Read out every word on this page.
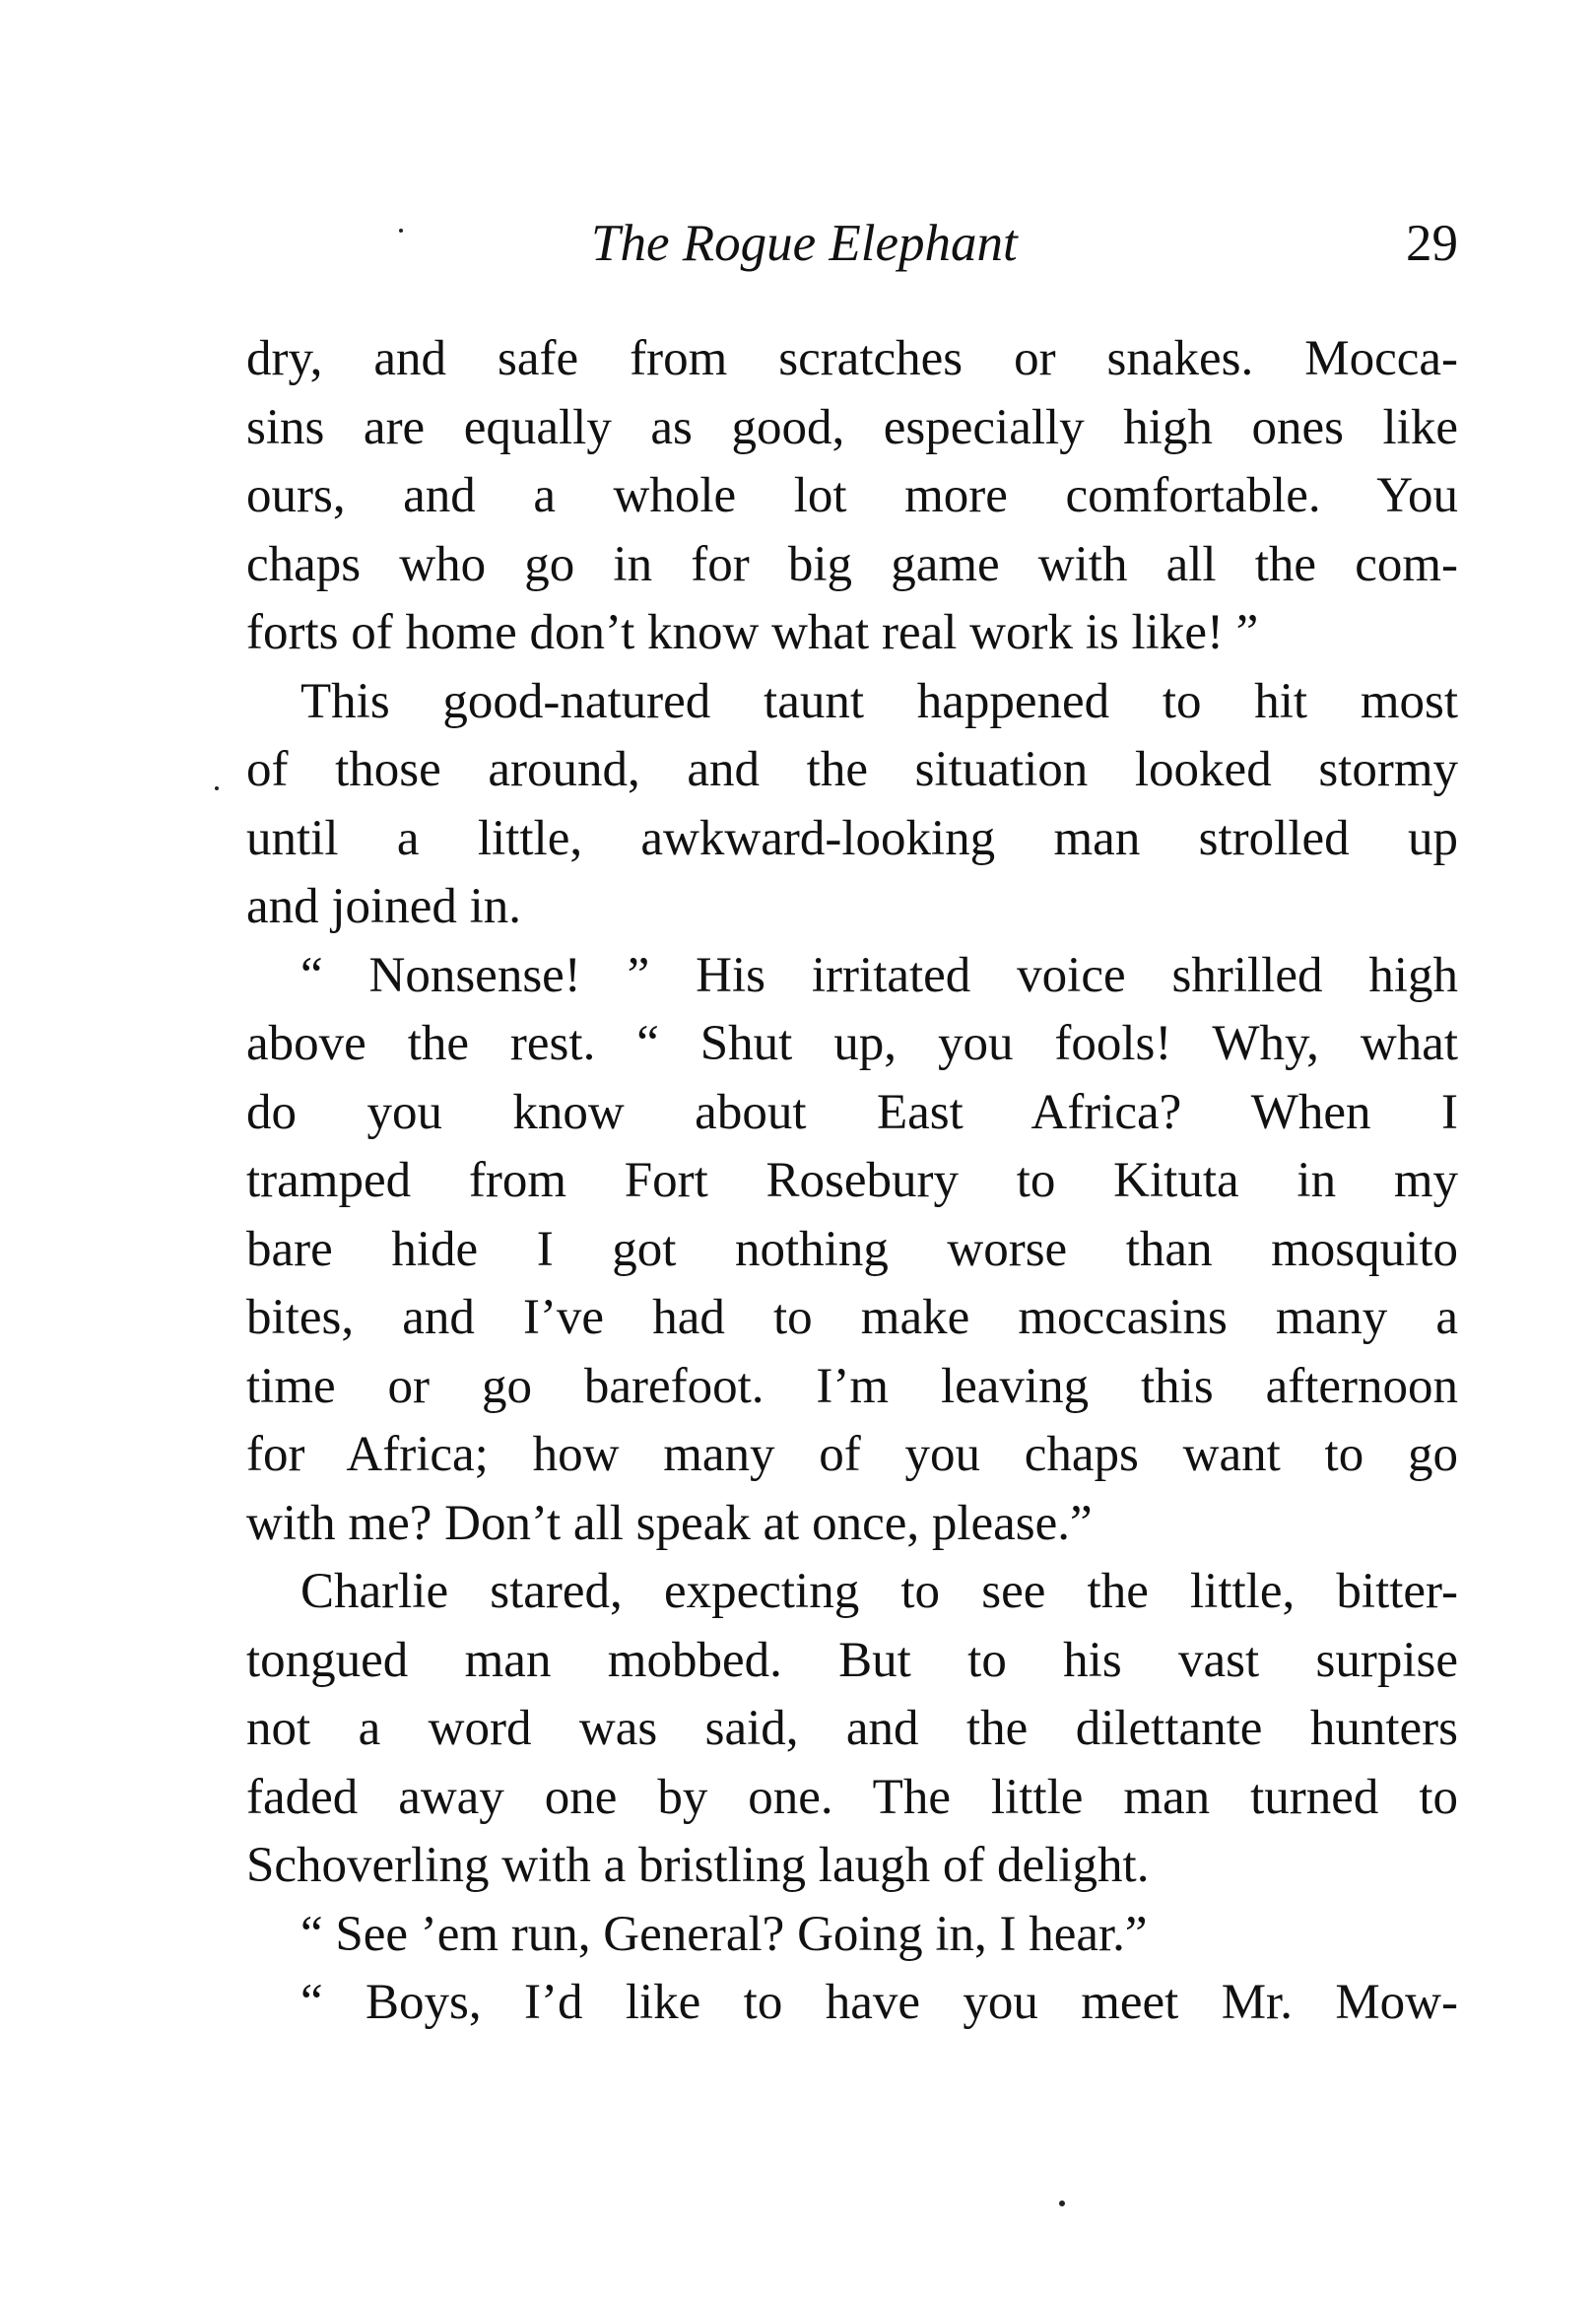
The Rogue Elephant	29
dry, and safe from scratches or snakes. Mocca-
sins are equally as good, especially high ones like
ours, and a whole lot more comfortable. You
chaps who go in for big game with all the com-
forts of home don’t know what real work is like! ”
This good-natured taunt happened to hit most
of those around, and the situation looked stormy
until a little, awkward-looking man strolled up
and joined in.
“ Nonsense! ” His irritated voice shrilled high
above the rest. “ Shut up, you fools! Why, what
do you know about East Africa? When I
tramped from Fort Rosebury to Kituta in my
bare hide I got nothing worse than mosquito
bites, and I’ve had to make moccasins many a
time or go barefoot. I’m leaving this afternoon
for Africa; how many of you chaps want to go
with me? Don’t all speak at once, please.”
Charlie stared, expecting to see the little, bitter-
tongued man mobbed. But to his vast surpise
not a word was said, and the dilettante hunters
faded away one by one. The little man turned to
Schoverling with a bristling laugh of delight.
“ See ’em run, General? Going in, I hear.”
“ Boys, I’d like to have you meet Mr. Mow-
